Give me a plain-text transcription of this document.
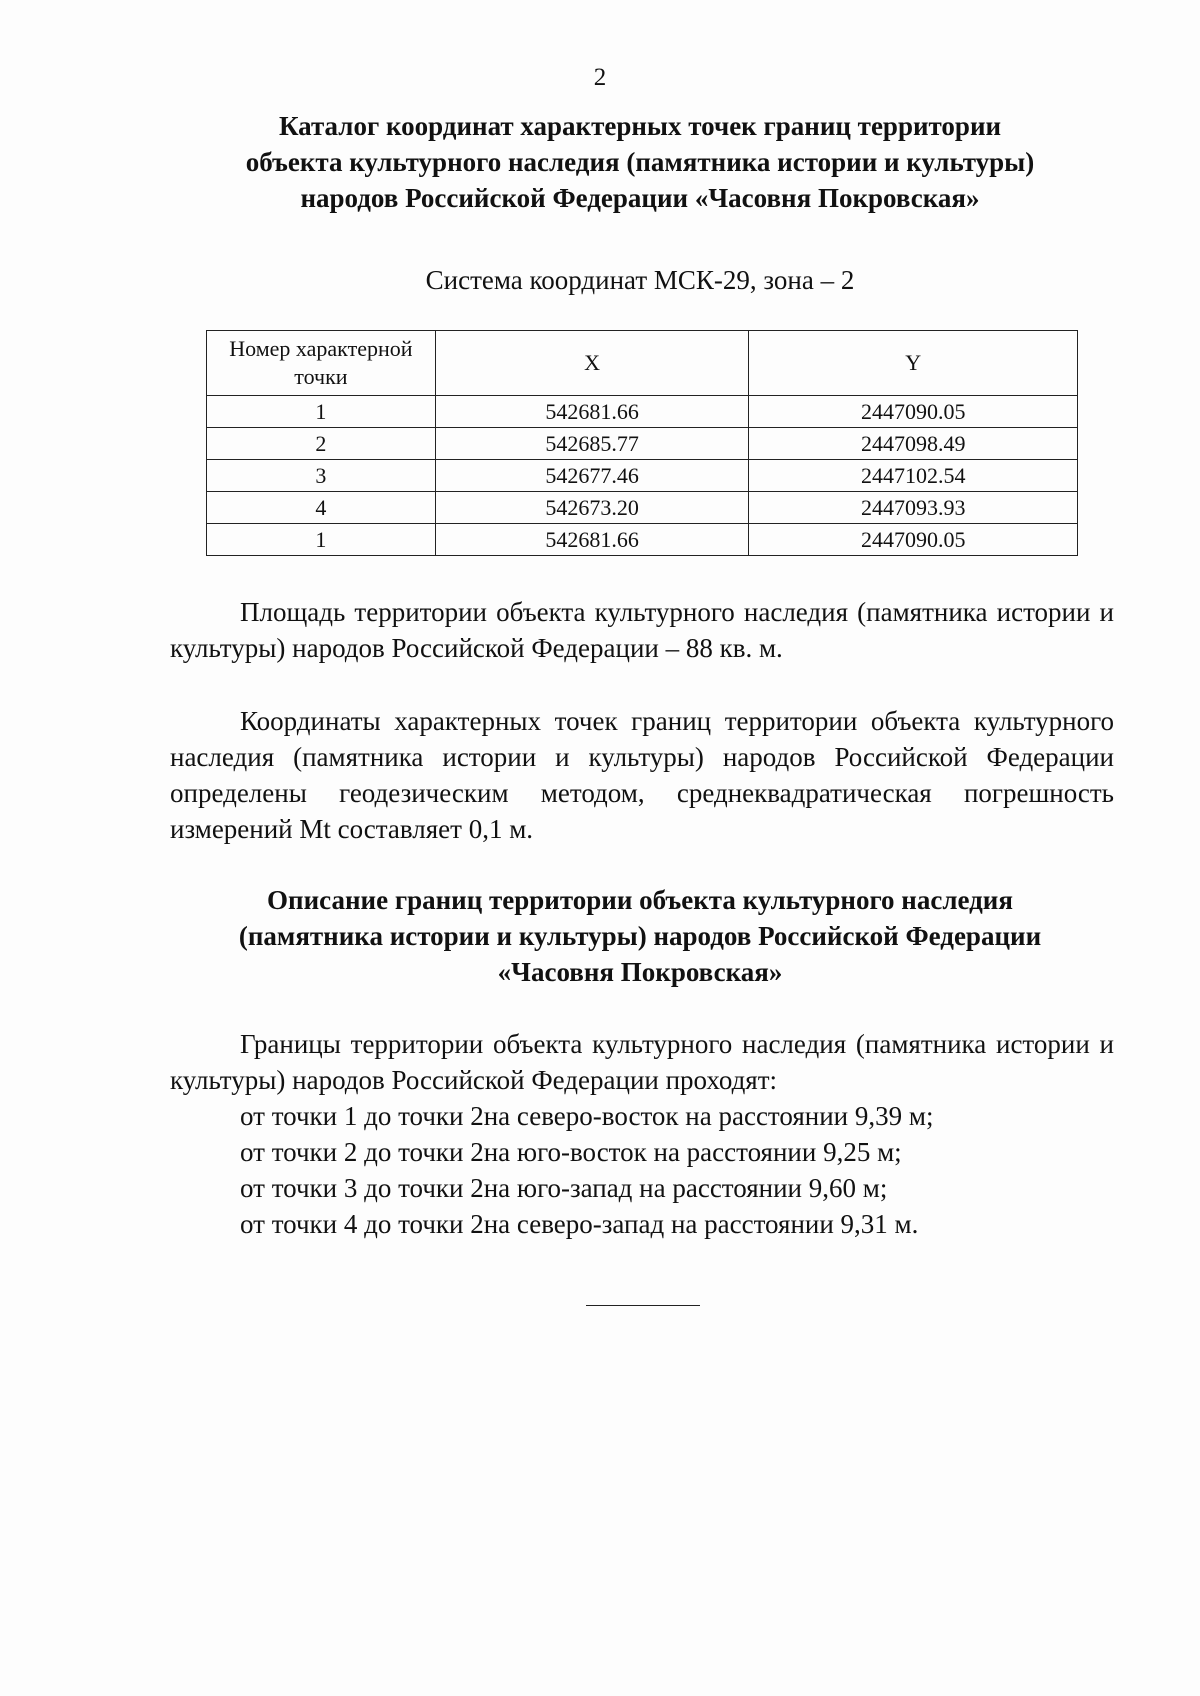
2
Каталог координат характерных точек границ территории
объекта культурного наследия (памятника истории и культуры)
народов Российской Федерации «Часовня Покровская»
Система координат МСК-29, зона – 2
Номер характерной точки	X	Y
1	542681.66	2447090.05
2	542685.77	2447098.49
3	542677.46	2447102.54
4	542673.20	2447093.93
1	542681.66	2447090.05
Площадь территории объекта культурного наследия (памятника истории и культуры) народов Российской Федерации – 88 кв. м.
Координаты характерных точек границ территории объекта культурного наследия (памятника истории и культуры) народов Российской Федерации определены геодезическим методом, среднеквадратическая погрешность измерений Mt составляет 0,1 м.
Описание границ территории объекта культурного наследия
(памятника истории и культуры) народов Российской Федерации
«Часовня Покровская»
Границы территории объекта культурного наследия (памятника истории и культуры) народов Российской Федерации проходят:
от точки 1 до точки 2на северо-восток на расстоянии 9,39 м;
от точки 2 до точки 2на юго-восток на расстоянии 9,25 м;
от точки 3 до точки 2на юго-запад на расстоянии 9,60 м;
от точки 4 до точки 2на северо-запад на расстоянии 9,31 м.
